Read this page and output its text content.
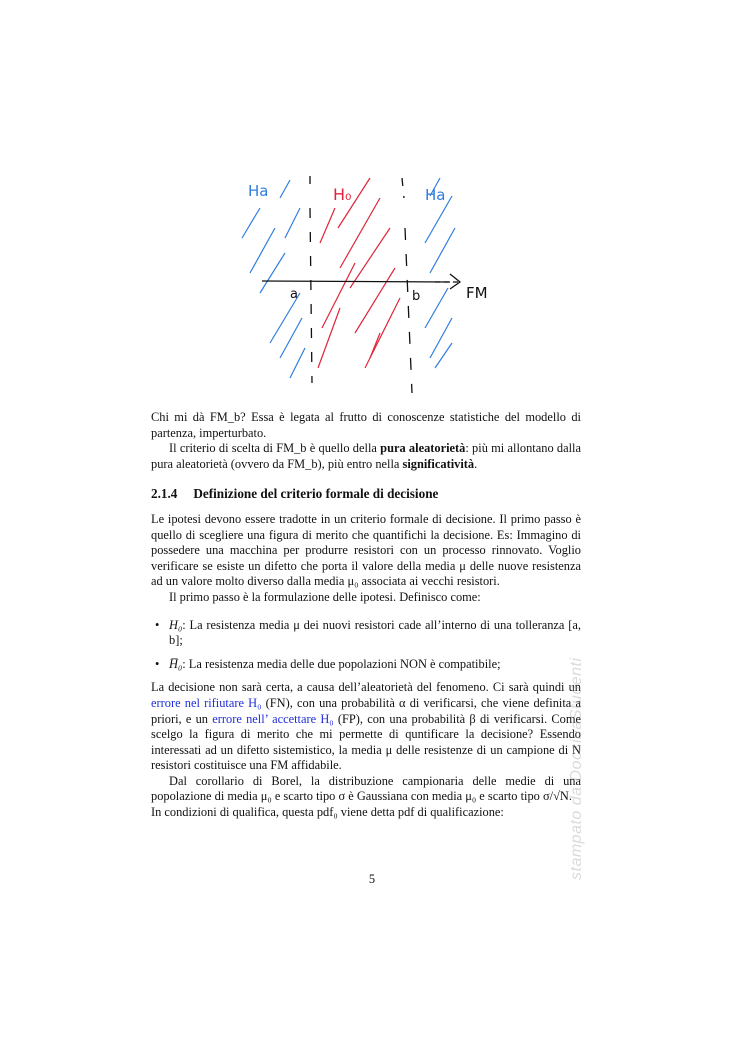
Ha	Ha
H₀
a	b	FM

Chi mi dà FM_b? Essa è legata al frutto di conoscenze statistiche del modello di partenza, imperturbato.

Il criterio di scelta di FM_b è quello della pura aleatorietà: più mi allontano dalla pura aleatorietà (ovvero da FM_b), più entro nella significatività.

2.1.4 Definizione del criterio formale di decisione

Le ipotesi devono essere tradotte in un criterio formale di decisione. Il primo passo è quello di scegliere una figura di merito che quantifichi la decisione. Es: Immagino di possedere una macchina per produrre resistori con un processo rinnovato. Voglio verificare se esiste un difetto che porta il valore della media μ delle nuove resistenza ad un valore molto diverso dalla media μ₀ associata ai vecchi resistori.

Il primo passo è la formulazione delle ipotesi. Definisco come:

• H₀: La resistenza media μ dei nuovi resistori cade all’interno di una tolleranza [a, b];
• H̅₀: La resistenza media delle due popolazioni NON è compatibile;

La decisione non sarà certa, a causa dell’aleatorietà del fenomeno. Ci sarà quindi un errore nel rifiutare H₀ (FN), con una probabilità α di verificarsi, che viene definita a priori, e un errore nell’ accettare H₀ (FP), con una probabilità β di verificarsi. Come scelgo la figura di merito che mi permette di quntificare la decisione? Essendo interessati ad un difetto sistemistico, la media μ delle resistenze di un campione di N resistori costituisce una FM affidabile.

Dal corollario di Borel, la distribuzione campionaria delle medie di una popolazione di media μ₀ e scarto tipo σ è Gaussiana con media μ₀ e scarto tipo σ/√N.

In condizioni di qualifica, questa pdf₀ viene detta pdf di qualificazione:

5	stampato da DocsinaStudenti
